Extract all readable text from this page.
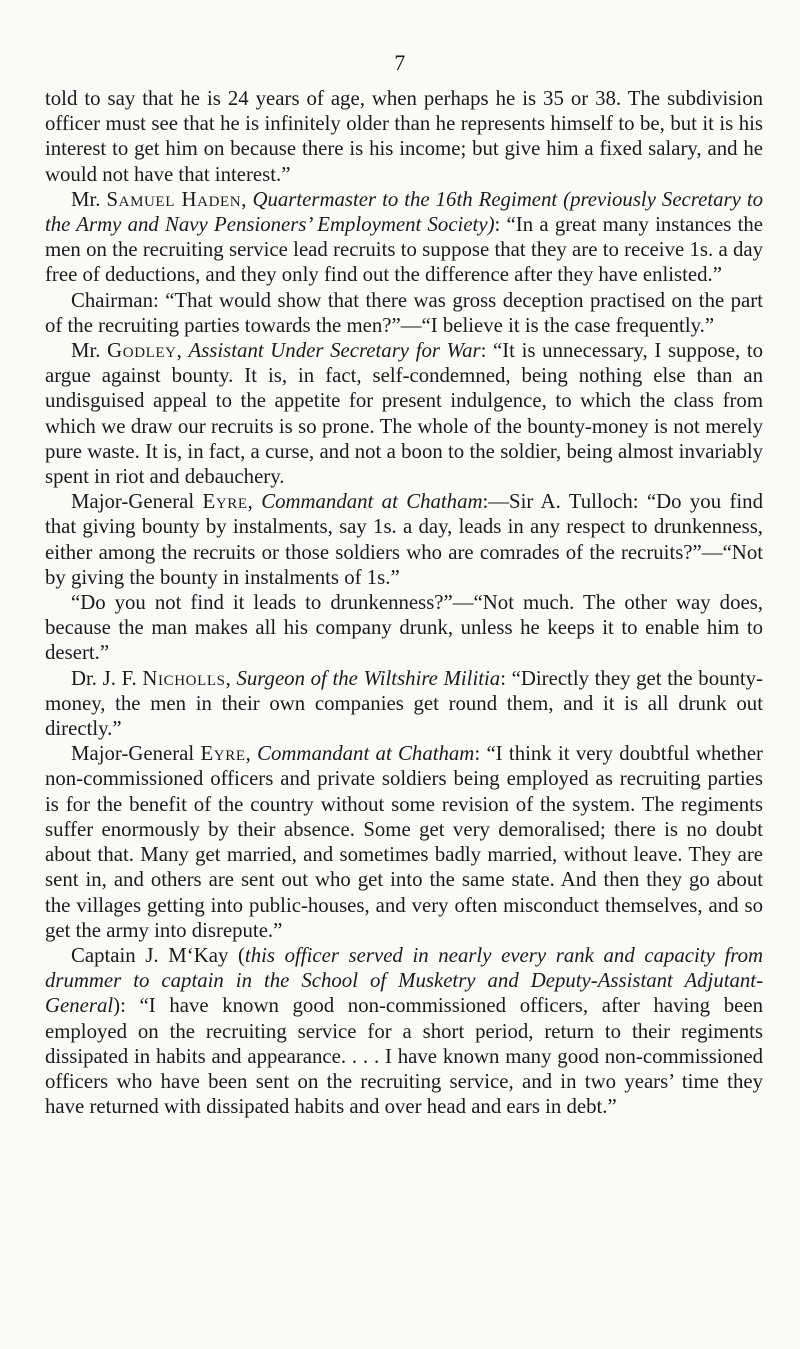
7

told to say that he is 24 years of age, when perhaps he is 35 or 38. The subdivision officer must see that he is infinitely older than he represents himself to be, but it is his interest to get him on because there is his income; but give him a fixed salary, and he would not have that interest.”

Mr. Samuel Haden, Quartermaster to the 16th Regiment (previously Secretary to the Army and Navy Pensioners’ Employment Society): “In a great many instances the men on the recruiting service lead recruits to suppose that they are to receive 1s. a day free of deductions, and they only find out the difference after they have enlisted.”

Chairman: “That would show that there was gross deception practised on the part of the recruiting parties towards the men?”—“I believe it is the case frequently.”

Mr. Godley, Assistant Under Secretary for War: “It is unnecessary, I suppose, to argue against bounty. It is, in fact, self-condemned, being nothing else than an undisguised appeal to the appetite for present indulgence, to which the class from which we draw our recruits is so prone. The whole of the bounty-money is not merely pure waste. It is, in fact, a curse, and not a boon to the soldier, being almost invariably spent in riot and debauchery.

Major-General Eyre, Commandant at Chatham:—Sir A. Tulloch: “Do you find that giving bounty by instalments, say 1s. a day, leads in any respect to drunkenness, either among the recruits or those soldiers who are comrades of the recruits?”—“Not by giving the bounty in instalments of 1s.”

“Do you not find it leads to drunkenness?”—“Not much. The other way does, because the man makes all his company drunk, unless he keeps it to enable him to desert.”

Dr. J. F. Nicholls, Surgeon of the Wiltshire Militia: “Directly they get the bounty-money, the men in their own companies get round them, and it is all drunk out directly.”

Major-General Eyre, Commandant at Chatham: “I think it very doubtful whether non-commissioned officers and private soldiers being employed as recruiting parties is for the benefit of the country without some revision of the system. The regiments suffer enormously by their absence. Some get very demoralised; there is no doubt about that. Many get married, and sometimes badly married, without leave. They are sent in, and others are sent out who get into the same state. And then they go about the villages getting into public-houses, and very often misconduct themselves, and so get the army into disrepute.”

Captain J. M‘Kay (this officer served in nearly every rank and capacity from drummer to captain in the School of Musketry and Deputy-Assistant Adjutant-General): “I have known good non-commissioned officers, after having been employed on the recruiting service for a short period, return to their regiments dissipated in habits and appearance. . . . I have known many good non-commissioned officers who have been sent on the recruiting service, and in two years’ time they have returned with dissipated habits and over head and ears in debt.”
